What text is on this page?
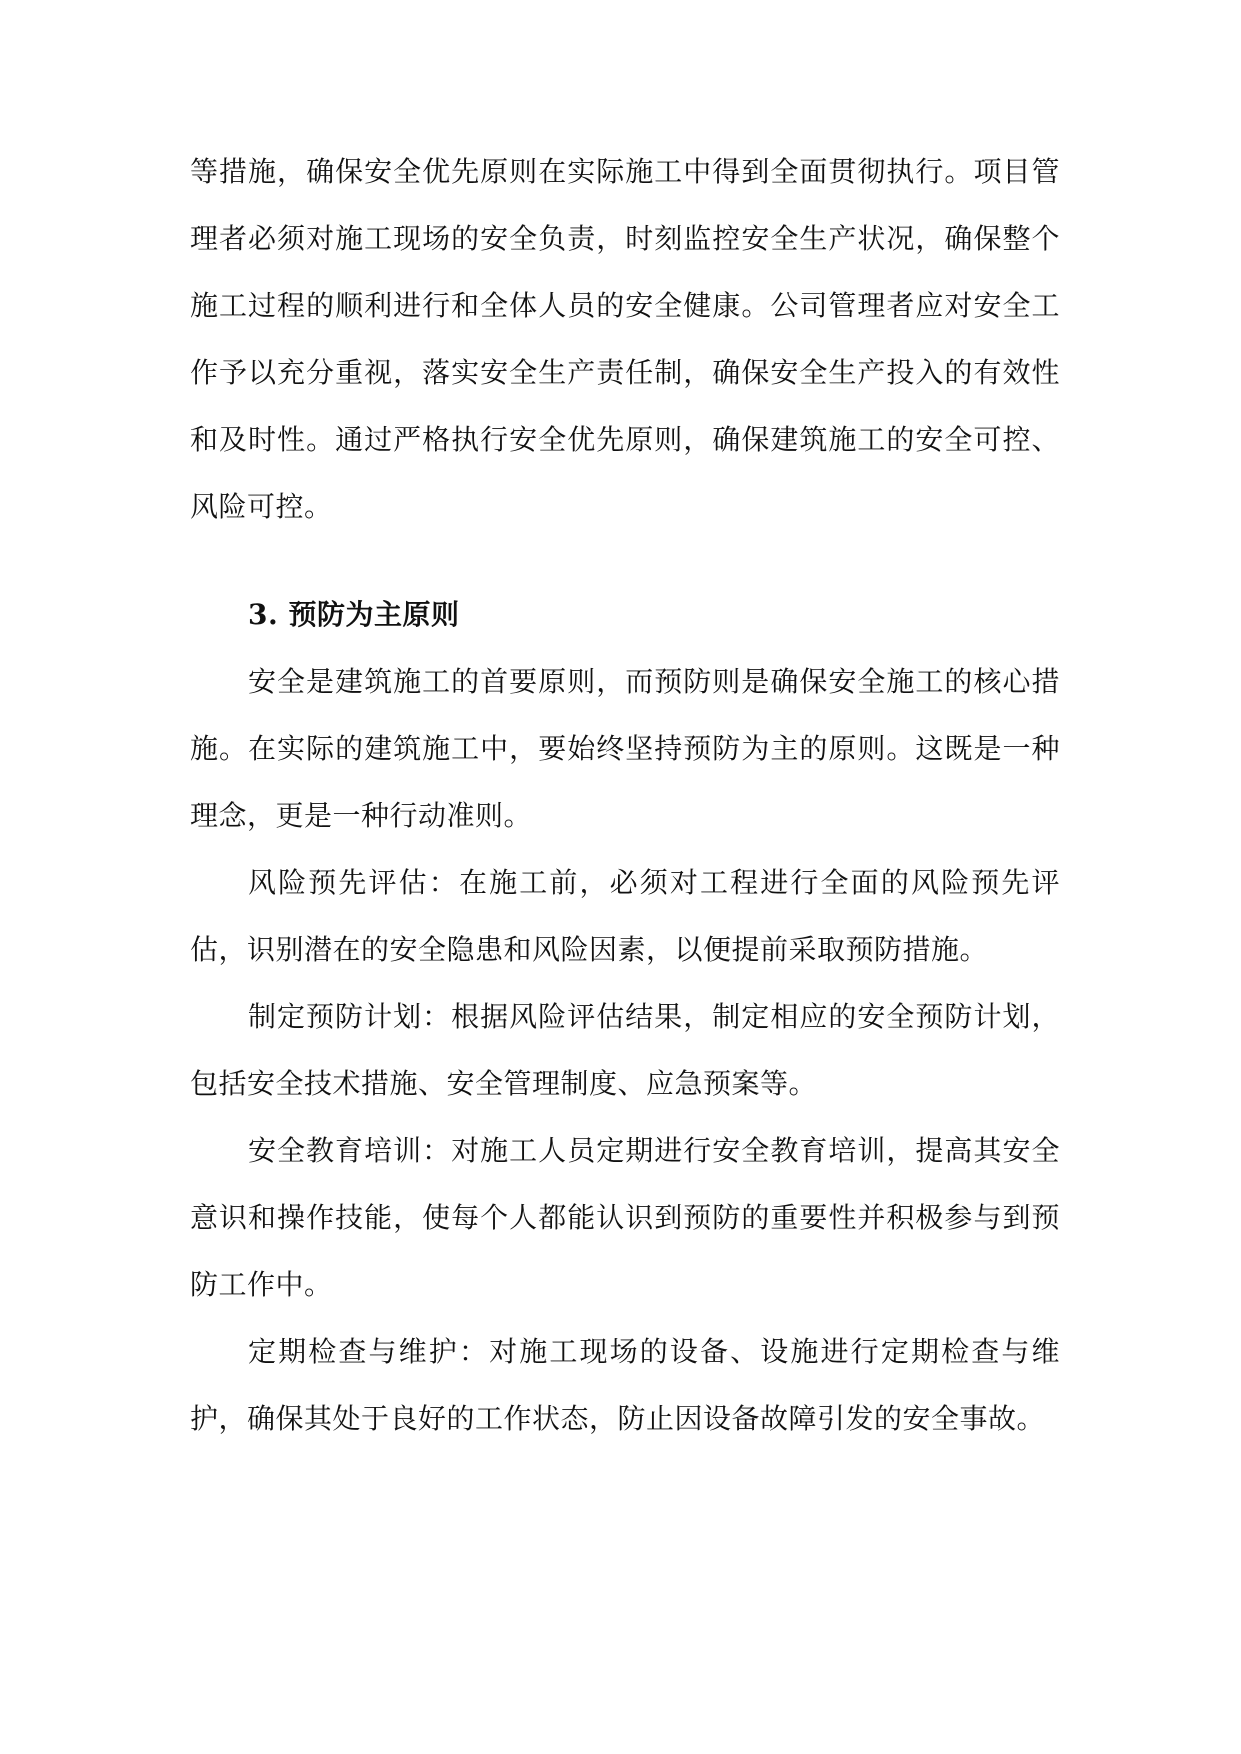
等措施，确保安全优先原则在实际施工中得到全面贯彻执行。项目管理者必须对施工现场的安全负责，时刻监控安全生产状况，确保整个施工过程的顺利进行和全体人员的安全健康。公司管理者应对安全工作予以充分重视，落实安全生产责任制，确保安全生产投入的有效性和及时性。通过严格执行安全优先原则，确保建筑施工的安全可控、风险可控。

3. 预防为主原则

安全是建筑施工的首要原则，而预防则是确保安全施工的核心措施。在实际的建筑施工中，要始终坚持预防为主的原则。这既是一种理念，更是一种行动准则。

风险预先评估：在施工前，必须对工程进行全面的风险预先评估，识别潜在的安全隐患和风险因素，以便提前采取预防措施。

制定预防计划：根据风险评估结果，制定相应的安全预防计划，包括安全技术措施、安全管理制度、应急预案等。

安全教育培训：对施工人员定期进行安全教育培训，提高其安全意识和操作技能，使每个人都能认识到预防的重要性并积极参与到预防工作中。

定期检查与维护：对施工现场的设备、设施进行定期检查与维护，确保其处于良好的工作状态，防止因设备故障引发的安全事故。
